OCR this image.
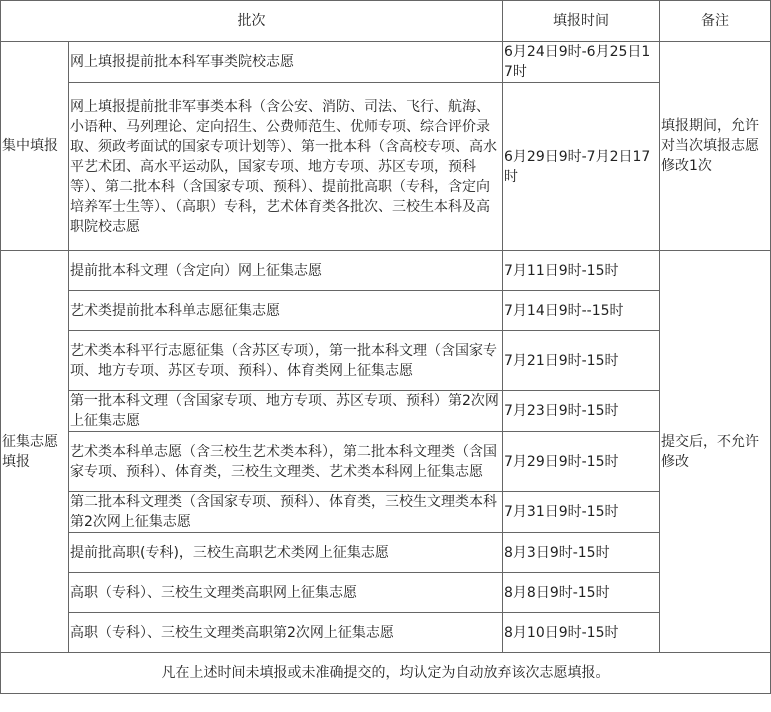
批次		填报时间	备注
集中填报	网上填报提前批本科军事类院校志愿	6月24日9时-6月25日17时	填报期间，允许对当次填报志愿修改1次
	网上填报提前批非军事类本科（含公安、消防、司法、飞行、航海、小语种、马列理论、定向招生、公费师范生、优师专项、综合评价录取、须政考面试的国家专项计划等）、第一批本科（含高校专项、高水平艺术团、高水平运动队，国家专项、地方专项、苏区专项，预科等）、第二批本科（含国家专项、预科）、提前批高职（专科，含定向培养军士生等）、（高职）专科，艺术体育类各批次、三校生本科及高职院校志愿	6月29日9时-7月2日17时	
征集志愿填报	提前批本科文理（含定向）网上征集志愿	7月11日9时-15时	提交后，不允许修改
	艺术类提前批本科单志愿征集志愿	7月14日9时--15时	
	艺术类本科平行志愿征集（含苏区专项），第一批本科文理（含国家专项、地方专项、苏区专项、预科）、体育类网上征集志愿	7月21日9时-15时	
	第一批本科文理（含国家专项、地方专项、苏区专项、预科）第2次网上征集志愿	7月23日9时-15时	
	艺术类本科单志愿（含三校生艺术类本科），第二批本科文理类（含国家专项、预科）、体育类，三校生文理类、艺术类本科网上征集志愿	7月29日9时-15时	
	第二批本科文理类（含国家专项、预科）、体育类，三校生文理类本科第2次网上征集志愿	7月31日9时-15时	
	提前批高职(专科)，三校生高职艺术类网上征集志愿	8月3日9时-15时	
	高职（专科）、三校生文理类高职网上征集志愿	8月8日9时-15时	
	高职（专科）、三校生文理类高职第2次网上征集志愿	8月10日9时-15时	
凡在上述时间未填报或未准确提交的，均认定为自动放弃该次志愿填报。			
